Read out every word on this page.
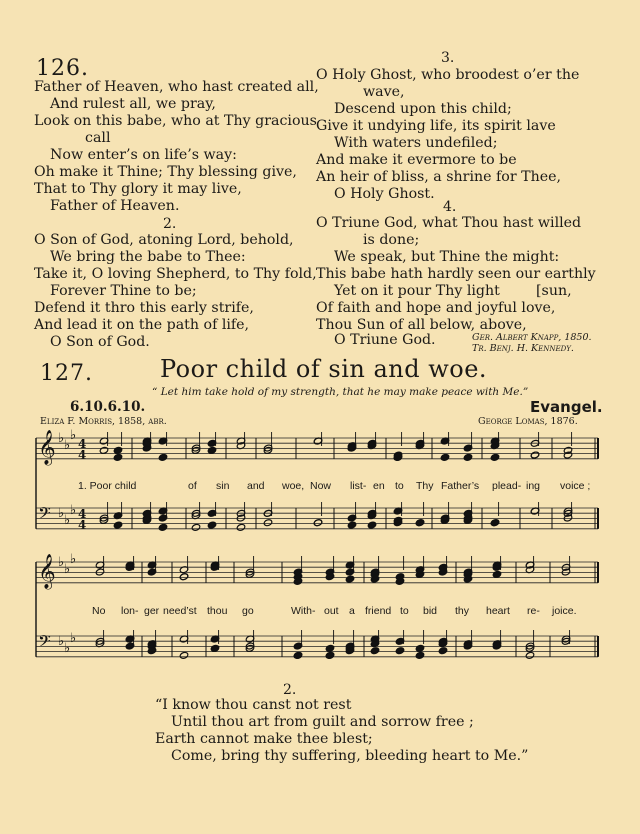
126.
Father of Heaven, who hast created all,
And rulest all, we pray,
Look on this babe, who at Thy gracious
call
Now enter’s on life’s way:
Oh make it Thine; Thy blessing give,
That to Thy glory it may live,
Father of Heaven.
2.
O Son of God, atoning Lord, behold,
We bring the babe to Thee:
Take it, O loving Shepherd, to Thy fold,
Forever Thine to be;
Defend it thro this early strife,
And lead it on the path of life,
O Son of God.
3.
O Holy Ghost, who broodest o’er the
wave,
Descend upon this child;
Give it undying life, its spirit lave
With waters undefiled;
And make it evermore to be
An heir of bliss, a shrine for Thee,
O Holy Ghost.
4.
O Triune God, what Thou hast willed
is done;
We speak, but Thine the might:
This babe hath hardly seen our earthly
Yet on it pour Thy light	[sun,
Of faith and hope and joyful love,
Thou Sun of all below, above,
O Triune God.	Ger. Albert Knapp, 1850.
Tr. Benj. H. Kennedy.
127.	Poor child of sin and woe.
“ Let him take hold of my strength, that he may make peace with Me.”
6.10.6.10.	Evangel.
Eliza F. Morris, 1858, abr.	George Lomas, 1876.
𝄞 ♭ ♭
♭
4
4
𝄢 ♭ ♭
♭ 4
4
𝄞 ♭ ♭
♭
𝄢 ♭ ♭
♭
1. Poor child	of sin and woe, Now list- en to Thy Father’s plead- ing voice ;
No lon- ger need’st thou go	With- out a friend to bid thy heart re- joice.
2.
“I know thou canst not rest
Until thou art from guilt and sorrow free ;
Earth cannot make thee blest;
Come, bring thy suffering, bleeding heart to Me.”
